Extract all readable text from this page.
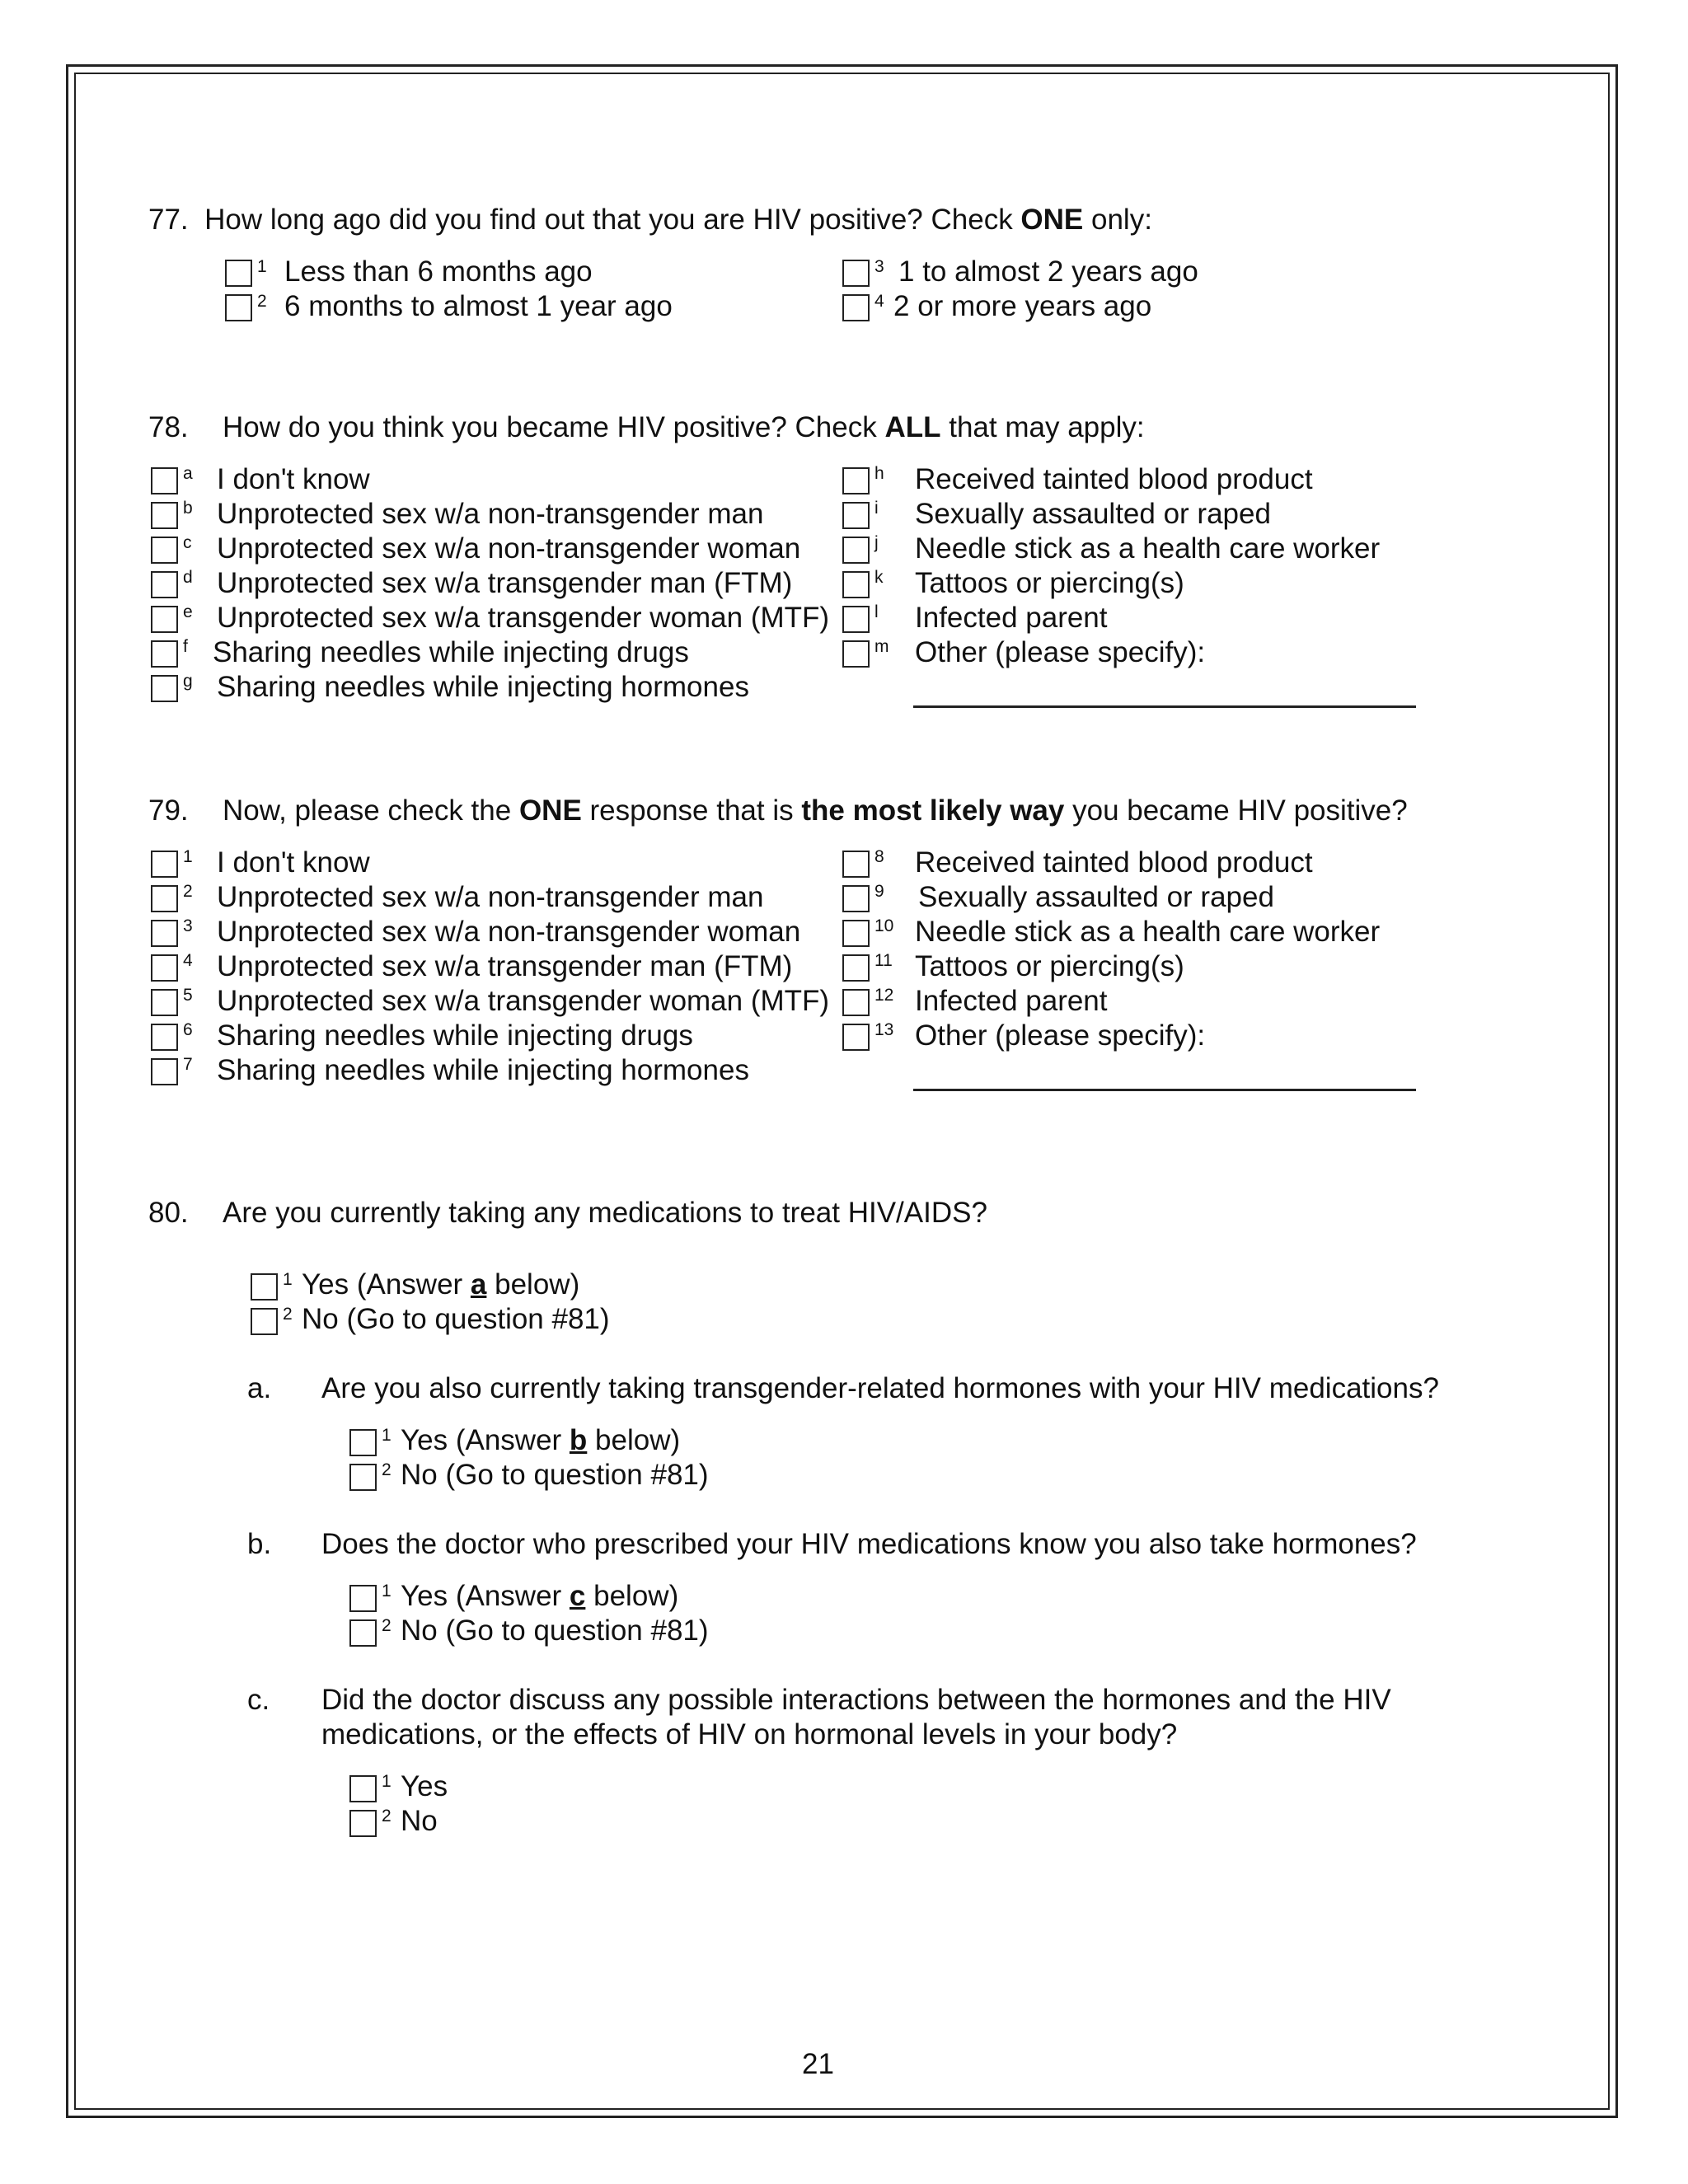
77. How long ago did you find out that you are HIV positive? Check ONE only:
1 Less than 6 months ago
2 6 months to almost 1 year ago
3 1 to almost 2 years ago
4 2 or more years ago
78. How do you think you became HIV positive? Check ALL that may apply:
a I don't know
b Unprotected sex w/a non-transgender man
c Unprotected sex w/a non-transgender woman
d Unprotected sex w/a transgender man (FTM)
e Unprotected sex w/a transgender woman (MTF)
f Sharing needles while injecting drugs
g Sharing needles while injecting hormones
h Received tainted blood product
i Sexually assaulted or raped
j Needle stick as a health care worker
k Tattoos or piercing(s)
l Infected parent
m Other (please specify):
79. Now, please check the ONE response that is the most likely way you became HIV positive?
1 I don't know
2 Unprotected sex w/a non-transgender man
3 Unprotected sex w/a non-transgender woman
4 Unprotected sex w/a transgender man (FTM)
5 Unprotected sex w/a transgender woman (MTF)
6 Sharing needles while injecting drugs
7 Sharing needles while injecting hormones
8 Received tainted blood product
9 Sexually assaulted or raped
10 Needle stick as a health care worker
11 Tattoos or piercing(s)
12 Infected parent
13 Other (please specify):
80. Are you currently taking any medications to treat HIV/AIDS?
1 Yes (Answer a below)
2 No (Go to question #81)
a. Are you also currently taking transgender-related hormones with your HIV medications?
1 Yes (Answer b below)
2 No (Go to question #81)
b. Does the doctor who prescribed your HIV medications know you also take hormones?
1 Yes (Answer c below)
2 No (Go to question #81)
c. Did the doctor discuss any possible interactions between the hormones and the HIV
medications, or the effects of HIV on hormonal levels in your body?
1 Yes
2 No
21
